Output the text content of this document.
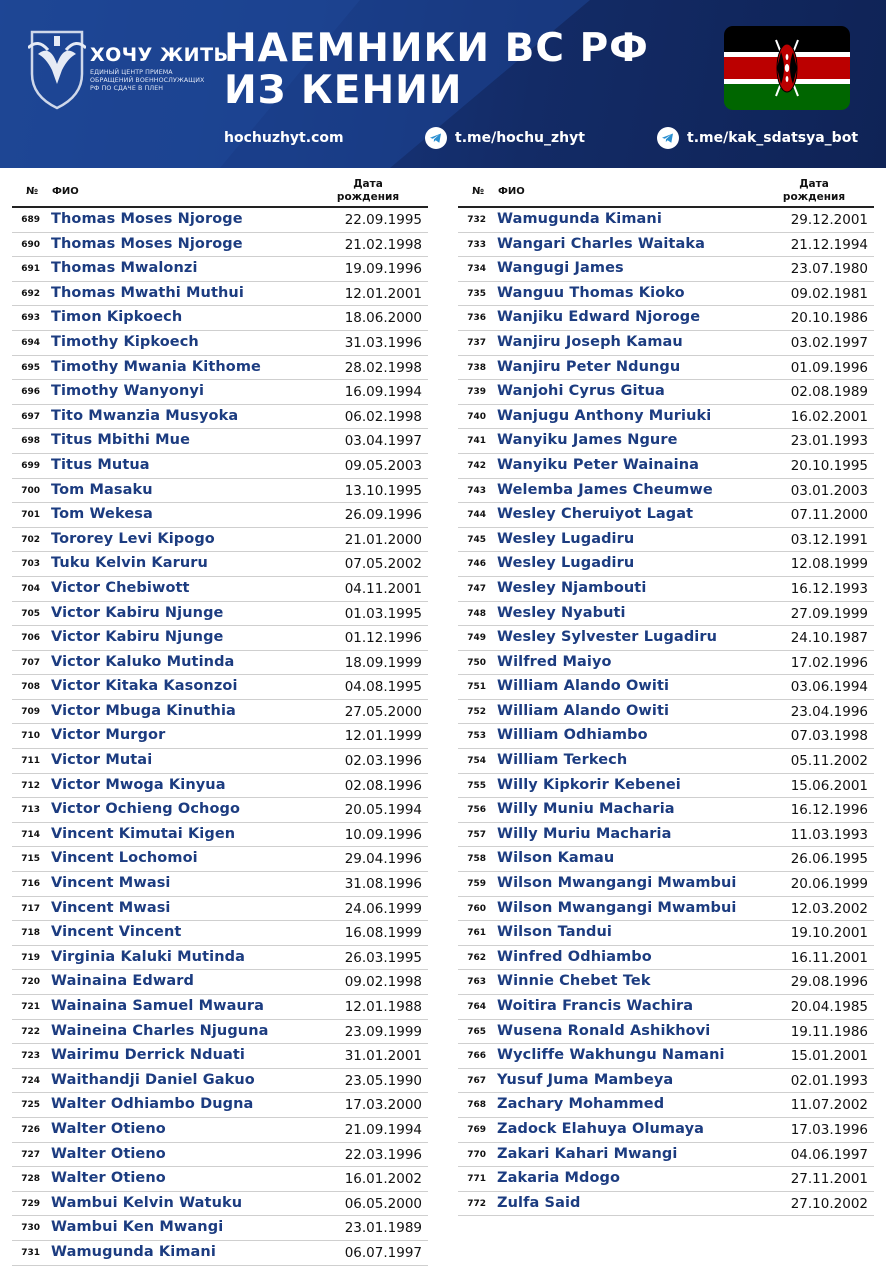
ХОЧУ ЖИТЬ
ЕДИНЫЙ ЦЕНТР ПРИЕМА ОБРАЩЕНИЙ ВОЕННОСЛУЖАЩИХ РФ ПО СДАЧЕ В ПЛЕН
НАЕМНИКИ ВС РФ
ИЗ КЕНИИ
hochuzhyt.com	t.me/hochu_zhyt	t.me/kak_sdatsya_bot
№ ФИО
Дата
рождения
689 Thomas Moses Njoroge	22.09.1995
690 Thomas Moses Njoroge	21.02.1998
691 Thomas Mwalonzi	19.09.1996
692 Thomas Mwathi Muthui	12.01.2001
693 Timon Kipkoech	18.06.2000
694 Timothy Kipkoech	31.03.1996
695 Timothy Mwania Kithome	28.02.1998
696 Timothy Wanyonyi	16.09.1994
697 Tito Mwanzia Musyoka	06.02.1998
698 Titus Mbithi Mue	03.04.1997
699 Titus Mutua	09.05.2003
700 Tom Masaku	13.10.1995
701 Tom Wekesa	26.09.1996
702 Tororey Levi Kipogo	21.01.2000
703 Tuku Kelvin Karuru	07.05.2002
704 Victor Chebiwott	04.11.2001
705 Victor Kabiru Njunge	01.03.1995
706 Victor Kabiru Njunge	01.12.1996
707 Victor Kaluko Mutinda	18.09.1999
708 Victor Kitaka Kasonzoi	04.08.1995
709 Victor Mbuga Kinuthia	27.05.2000
710 Victor Murgor	12.01.1999
711 Victor Mutai	02.03.1996
712 Victor Mwoga Kinyua	02.08.1996
713 Victor Ochieng Ochogo	20.05.1994
714 Vincent Kimutai Kigen	10.09.1996
715 Vincent Lochomoi	29.04.1996
716 Vincent Mwasi	31.08.1996
717 Vincent Mwasi	24.06.1999
718 Vincent Vincent	16.08.1999
719 Virginia Kaluki Mutinda	26.03.1995
720 Wainaina Edward	09.02.1998
721 Wainaina Samuel Mwaura	12.01.1988
722 Waineina Charles Njuguna	23.09.1999
723 Wairimu Derrick Nduati	31.01.2001
724 Waithandji Daniel Gakuo	23.05.1990
725 Walter Odhiambo Dugna	17.03.2000
726 Walter Otieno	21.09.1994
727 Walter Otieno	22.03.1996
728 Walter Otieno	16.01.2002
729 Wambui Kelvin Watuku	06.05.2000
730 Wambui Ken Mwangi	23.01.1989
731 Wamugunda Kimani	06.07.1997
№ ФИО
Дата
рождения
732 Wamugunda Kimani	29.12.2001
733 Wangari Charles Waitaka	21.12.1994
734 Wangugi James	23.07.1980
735 Wanguu Thomas Kioko	09.02.1981
736 Wanjiku Edward Njoroge	20.10.1986
737 Wanjiru Joseph Kamau	03.02.1997
738 Wanjiru Peter Ndungu	01.09.1996
739 Wanjohi Cyrus Gitua	02.08.1989
740 Wanjugu Anthony Muriuki	16.02.2001
741 Wanyiku James Ngure	23.01.1993
742 Wanyiku Peter Wainaina	20.10.1995
743 Welemba James Cheumwe	03.01.2003
744 Wesley Cheruiyot Lagat	07.11.2000
745 Wesley Lugadiru	03.12.1991
746 Wesley Lugadiru	12.08.1999
747 Wesley Njambouti	16.12.1993
748 Wesley Nyabuti	27.09.1999
749 Wesley Sylvester Lugadiru	24.10.1987
750 Wilfred Maiyo	17.02.1996
751 William Alando Owiti	03.06.1994
752 William Alando Owiti	23.04.1996
753 William Odhiambo	07.03.1998
754 William Terkech	05.11.2002
755 Willy Kipkorir Kebenei	15.06.2001
756 Willy Muniu Macharia	16.12.1996
757 Willy Muriu Macharia	11.03.1993
758 Wilson Kamau	26.06.1995
759 Wilson Mwangangi Mwambui	20.06.1999
760 Wilson Mwangangi Mwambui	12.03.2002
761 Wilson Tandui	19.10.2001
762 Winfred Odhiambo	16.11.2001
763 Winnie Chebet Tek	29.08.1996
764 Woitira Francis Wachira	20.04.1985
765 Wusena Ronald Ashikhovi	19.11.1986
766 Wycliffe Wakhungu Namani	15.01.2001
767 Yusuf Juma Mambeya	02.01.1993
768 Zachary Mohammed	11.07.2002
769 Zadock Elahuya Olumaya	17.03.1996
770 Zakari Kahari Mwangi	04.06.1997
771 Zakaria Mdogo	27.11.2001
772 Zulfa Said	27.10.2002
